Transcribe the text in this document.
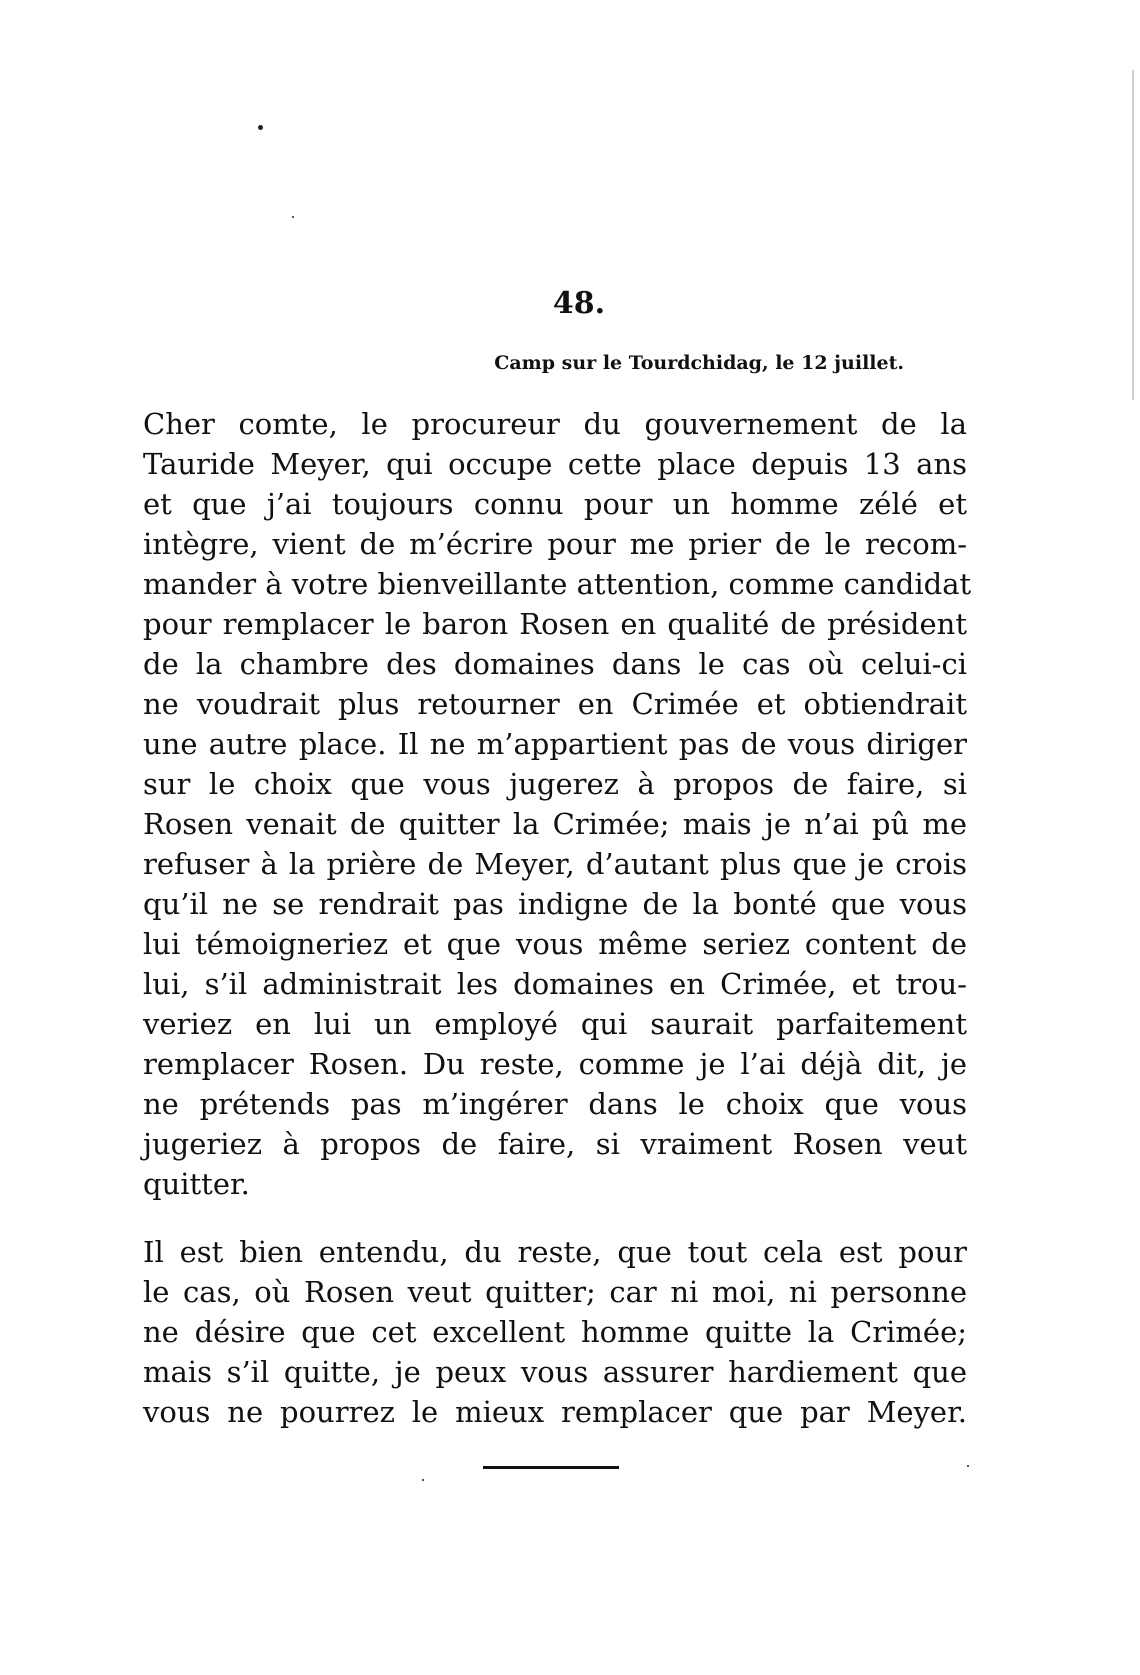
48.

Camp sur le Tourdchidag, le 12 juillet.

Cher comte, le procureur du gouvernement de la
Tauride Meyer, qui occupe cette place depuis 13 ans
et que j’ai toujours connu pour un homme zélé et
intègre, vient de m’écrire pour me prier de le recom-
mander à votre bienveillante attention, comme candidat
pour remplacer le baron Rosen en qualité de président
de la chambre des domaines dans le cas où celui-ci
ne voudrait plus retourner en Crimée et obtiendrait
une autre place. Il ne m’appartient pas de vous diriger
sur le choix que vous jugerez à propos de faire, si
Rosen venait de quitter la Crimée; mais je n’ai pû me
refuser à la prière de Meyer, d’autant plus que je crois
qu’il ne se rendrait pas indigne de la bonté que vous
lui témoigneriez et que vous même seriez content de
lui, s’il administrait les domaines en Crimée, et trou-
veriez en lui un employé qui saurait parfaitement
remplacer Rosen. Du reste, comme je l’ai déjà dit, je
ne prétends pas m’ingérer dans le choix que vous
jugeriez à propos de faire, si vraiment Rosen veut
quitter.

Il est bien entendu, du reste, que tout cela est pour
le cas, où Rosen veut quitter; car ni moi, ni personne
ne désire que cet excellent homme quitte la Crimée;
mais s’il quitte, je peux vous assurer hardiement que
vous ne pourrez le mieux remplacer que par Meyer.
